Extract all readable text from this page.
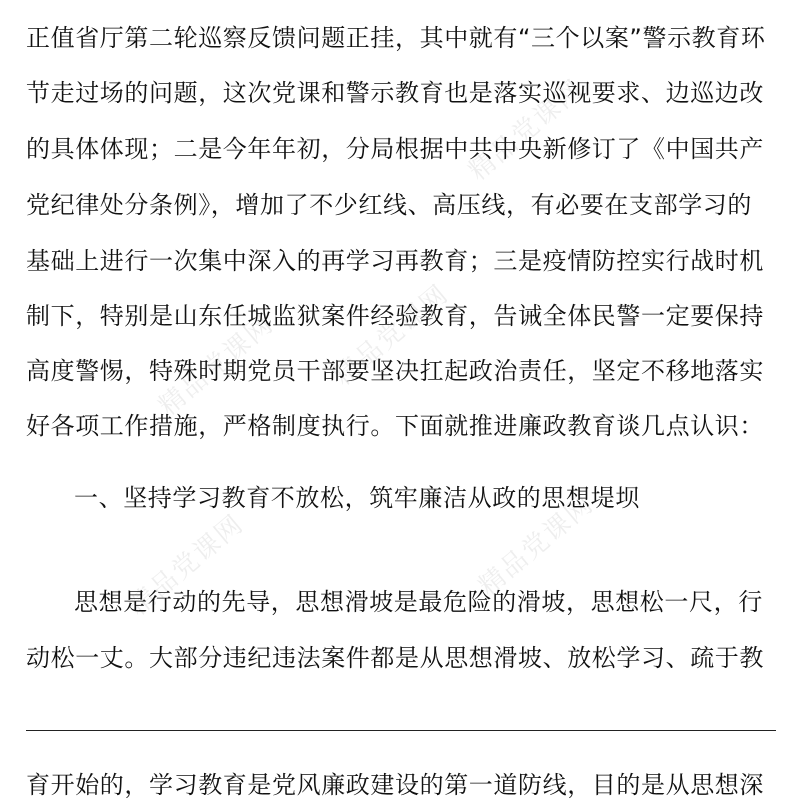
精品党课网
精品党课网 精品党课网
精品党课网	精品党课网
正值省厅第二轮巡察反馈问题正挂，其中就有“三个以案”警示教育环
节走过场的问题，这次党课和警示教育也是落实巡视要求、边巡边改
的具体体现；二是今年年初，分局根据中共中央新修订了《中国共产
党纪律处分条例》，增加了不少红线、高压线，有必要在支部学习的
基础上进行一次集中深入的再学习再教育；三是疫情防控实行战时机
制下，特别是山东任城监狱案件经验教育，告诫全体民警一定要保持
高度警惕，特殊时期党员干部要坚决扛起政治责任，坚定不移地落实
好各项工作措施，严格制度执行。下面就推进廉政教育谈几点认识：
一、坚持学习教育不放松，筑牢廉洁从政的思想堤坝
思想是行动的先导，思想滑坡是最危险的滑坡，思想松一尺，行
动松一丈。大部分违纪违法案件都是从思想滑坡、放松学习、疏于教
育开始的，学习教育是党风廉政建设的第一道防线，目的是从思想深
